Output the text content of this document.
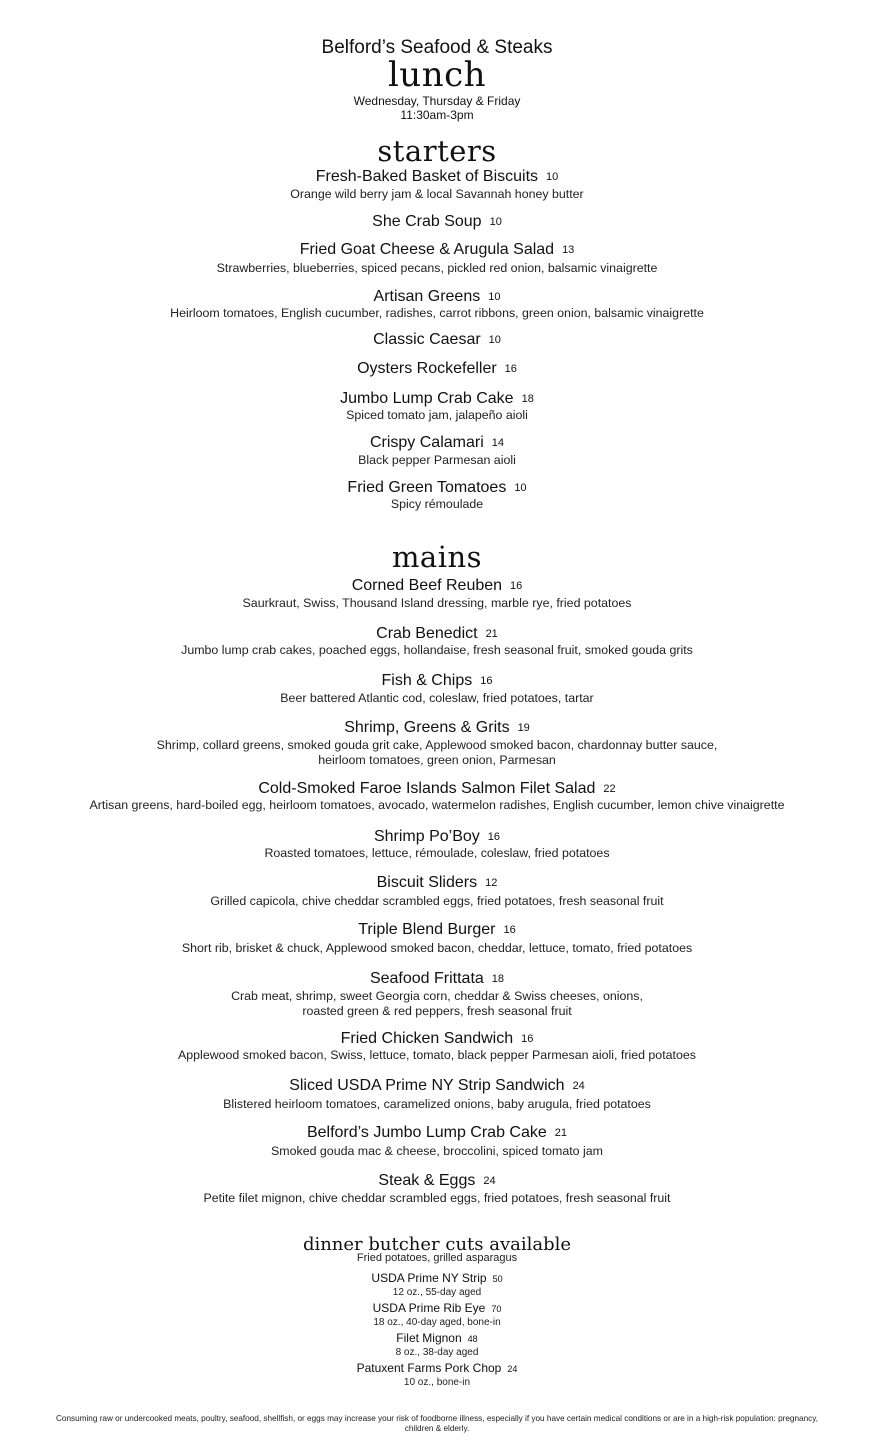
Belford’s Seafood & Steaks
lunch
Wednesday, Thursday & Friday
11:30am-3pm
starters
Fresh-Baked Basket of Biscuits 10
Orange wild berry jam & local Savannah honey butter
She Crab Soup 10
Fried Goat Cheese & Arugula Salad 13
Strawberries, blueberries, spiced pecans, pickled red onion, balsamic vinaigrette
Artisan Greens 10
Heirloom tomatoes, English cucumber, radishes, carrot ribbons, green onion, balsamic vinaigrette
Classic Caesar 10
Oysters Rockefeller 16
Jumbo Lump Crab Cake 18
Spiced tomato jam, jalapeño aioli
Crispy Calamari 14
Black pepper Parmesan aioli
Fried Green Tomatoes 10
Spicy rémoulade
mains
Corned Beef Reuben 16
Saurkraut, Swiss, Thousand Island dressing, marble rye, fried potatoes
Crab Benedict 21
Jumbo lump crab cakes, poached eggs, hollandaise, fresh seasonal fruit, smoked gouda grits
Fish & Chips 16
Beer battered Atlantic cod, coleslaw, fried potatoes, tartar
Shrimp, Greens & Grits 19
Shrimp, collard greens, smoked gouda grit cake, Applewood smoked bacon, chardonnay butter sauce,
heirloom tomatoes, green onion, Parmesan
Cold-Smoked Faroe Islands Salmon Filet Salad 22
Artisan greens, hard-boiled egg, heirloom tomatoes, avocado, watermelon radishes, English cucumber, lemon chive vinaigrette
Shrimp Po’Boy 16
Roasted tomatoes, lettuce, rémoulade, coleslaw, fried potatoes
Biscuit Sliders 12
Grilled capicola, chive cheddar scrambled eggs, fried potatoes, fresh seasonal fruit
Triple Blend Burger 16
Short rib, brisket & chuck, Applewood smoked bacon, cheddar, lettuce, tomato, fried potatoes
Seafood Frittata 18
Crab meat, shrimp, sweet Georgia corn, cheddar & Swiss cheeses, onions,
roasted green & red peppers, fresh seasonal fruit
Fried Chicken Sandwich 16
Applewood smoked bacon, Swiss, lettuce, tomato, black pepper Parmesan aioli, fried potatoes
Sliced USDA Prime NY Strip Sandwich 24
Blistered heirloom tomatoes, caramelized onions, baby arugula, fried potatoes
Belford’s Jumbo Lump Crab Cake 21
Smoked gouda mac & cheese, broccolini, spiced tomato jam
Steak & Eggs 24
Petite filet mignon, chive cheddar scrambled eggs, fried potatoes, fresh seasonal fruit
dinner butcher cuts available
Fried potatoes, grilled asparagus
USDA Prime NY Strip 50
12 oz., 55-day aged
USDA Prime Rib Eye 70
18 oz., 40-day aged, bone-in
Filet Mignon 48
8 oz., 38-day aged
Patuxent Farms Pork Chop 24
10 oz., bone-in
Consuming raw or undercooked meats, poultry, seafood, shellfish, or eggs may increase your risk of foodborne illness, especially if you have certain medical conditions or are in a high-risk population: pregnancy,
children & elderly.
